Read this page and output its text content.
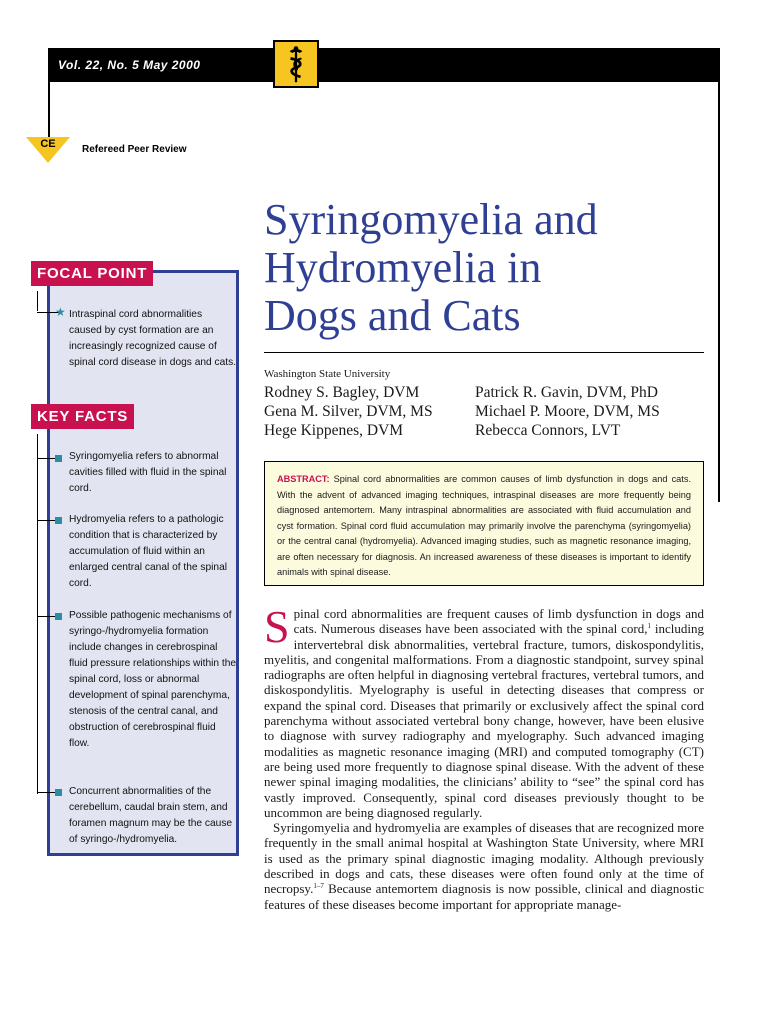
Vol. 22, No. 5 May 2000
CE	Refereed Peer Review
FOCAL POINT
★ Intraspinal cord abnormalities caused by cyst formation are an increasingly recognized cause of spinal cord disease in dogs and cats.
KEY FACTS
Syringomyelia refers to abnormal cavities filled with fluid in the spinal cord.
Hydromyelia refers to a pathologic condition that is characterized by accumulation of fluid within an enlarged central canal of the spinal cord.
Possible pathogenic mechanisms of syringo-/hydromyelia formation include changes in cerebrospinal fluid pressure relationships within the spinal cord, loss or abnormal development of spinal parenchyma, stenosis of the central canal, and obstruction of cerebrospinal fluid flow.
Concurrent abnormalities of the cerebellum, caudal brain stem, and foramen magnum may be the cause of syringo-/hydromyelia.
Syringomyelia and
Hydromyelia in
Dogs and Cats
Washington State University
Rodney S. Bagley, DVM
Gena M. Silver, DVM, MS
Hege Kippenes, DVM
Patrick R. Gavin, DVM, PhD
Michael P. Moore, DVM, MS
Rebecca Connors, LVT
ABSTRACT: Spinal cord abnormalities are common causes of limb dysfunction in dogs and cats. With the advent of advanced imaging techniques, intraspinal diseases are more frequently being diagnosed antemortem. Many intraspinal abnormalities are associated with fluid accumulation and cyst formation. Spinal cord fluid accumulation may primarily involve the parenchyma (syringomyelia) or the central canal (hydromyelia). Advanced imaging studies, such as magnetic resonance imaging, are often necessary for diagnosis. An increased awareness of these diseases is important to identify animals with spinal disease.

Spinal cord abnormalities are frequent causes of limb dysfunction in dogs and cats. Numerous diseases have been associated with the spinal cord,$^1$ including intervertebral disk abnormalities, vertebral fracture, tumors, diskospondylitis, myelitis, and congenital malformations. From a diagnostic standpoint, survey spinal radiographs are often helpful in diagnosing vertebral fractures, vertebral tumors, and diskospondylitis. Myelography is useful in detecting diseases that compress or expand the spinal cord. Diseases that primarily or exclusively affect the spinal cord parenchyma without associated vertebral bony change, however, have been elusive to diagnose with survey radiography and myelography. Such advanced imaging modalities as magnetic resonance imaging (MRI) and computed tomography (CT) are being used more frequently to diagnose spinal disease. With the advent of these newer spinal imaging modalities, the clinicians’ ability to “see” the spinal cord has vastly improved. Consequently, spinal cord diseases previously thought to be uncommon are being diagnosed regularly.

Syringomyelia and hydromyelia are examples of diseases that are recognized more frequently in the small animal hospital at Washington State University, where MRI is used as the primary spinal diagnostic imaging modality. Although previously described in dogs and cats, these diseases were often found only at the time of necropsy.$^{1-7}$ Because antemortem diagnosis is now possible, clinical and diagnostic features of these diseases become important for appropriate manage-
